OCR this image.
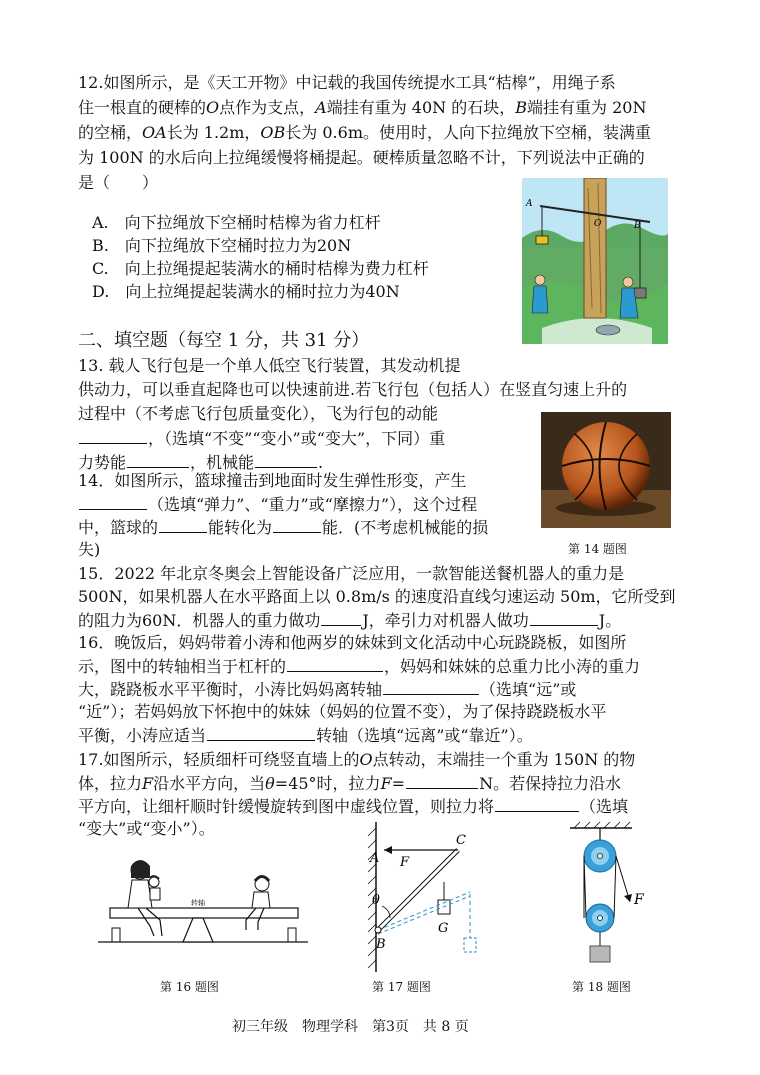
12.如图所示，是《天工开物》中记载的我国传统提水工具“桔槔”，用绳子系
住一根直的硬棒的O点作为支点，A端挂有重为 40N 的石块，B端挂有重为 20N
的空桶，OA长为 1.2m，OB长为 0.6m。使用时，人向下拉绳放下空桶，装满重
为 100N 的水后向上拉绳缓慢将桶提起。硬棒质量忽略不计，下列说法中正确的
是（　　）
A.　向下拉绳放下空桶时桔槔为省力杠杆
B.　向下拉绳放下空桶时拉力为20N
C.　向上拉绳提起装满水的桶时桔槔为费力杠杆
D.　向上拉绳提起装满水的桶时拉力为40N
A
O	B
二、填空题（每空 1 分，共 31 分）
13. 载人飞行包是一个单人低空飞行装置，其发动机提
供动力，可以垂直起降也可以快速前进.若飞行包（包括人）在竖直匀速上升的
过程中（不考虑飞行包质量变化），飞为行包的动能
，（选填“不变”“变小”或“变大”，下同）重
力势能	，机械能	.
第 14 题图
14．如图所示，篮球撞击到地面时发生弹性形变，产生
（选填“弹力”、“重力”或“摩擦力”），这个过程
中，篮球的	能转化为	能．(不考虑机械能的损
失)
15．2022 年北京冬奥会上智能设备广泛应用，一款智能送餐机器人的重力是
500N，如果机器人在水平路面上以 0.8m/s 的速度沿直线匀速运动 50m，它所受到
的阻力为60N．机器人的重力做功	J，牵引力对机器人做功	J。
16．晚饭后，妈妈带着小涛和他两岁的妹妹到文化活动中心玩跷跷板，如图所
示，图中的转轴相当于杠杆的	，妈妈和妹妹的总重力比小涛的重力
大，跷跷板水平平衡时，小涛比妈妈离转轴	（选填“远”或
“近”）；若妈妈放下怀抱中的妹妹（妈妈的位置不变），为了保持跷跷板水平
平衡，小涛应适当	转轴（选填“远离”或“靠近”）。
17.如图所示，轻质细杆可绕竖直墙上的O点转动，末端挂一个重为 150N 的物
体，拉力F沿水平方向，当θ=45°时，拉力F=	N。若保持拉力沿水
平方向，让细杆顺时针缓慢旋转到图中虚线位置，则拉力将	（选填
“变大”或“变小”）。
转轴
第 16 题图
A F
C
θ
G
B
第 17 题图
F
第 18 题图
初三年级　物理学科　第3页　共 8 页
